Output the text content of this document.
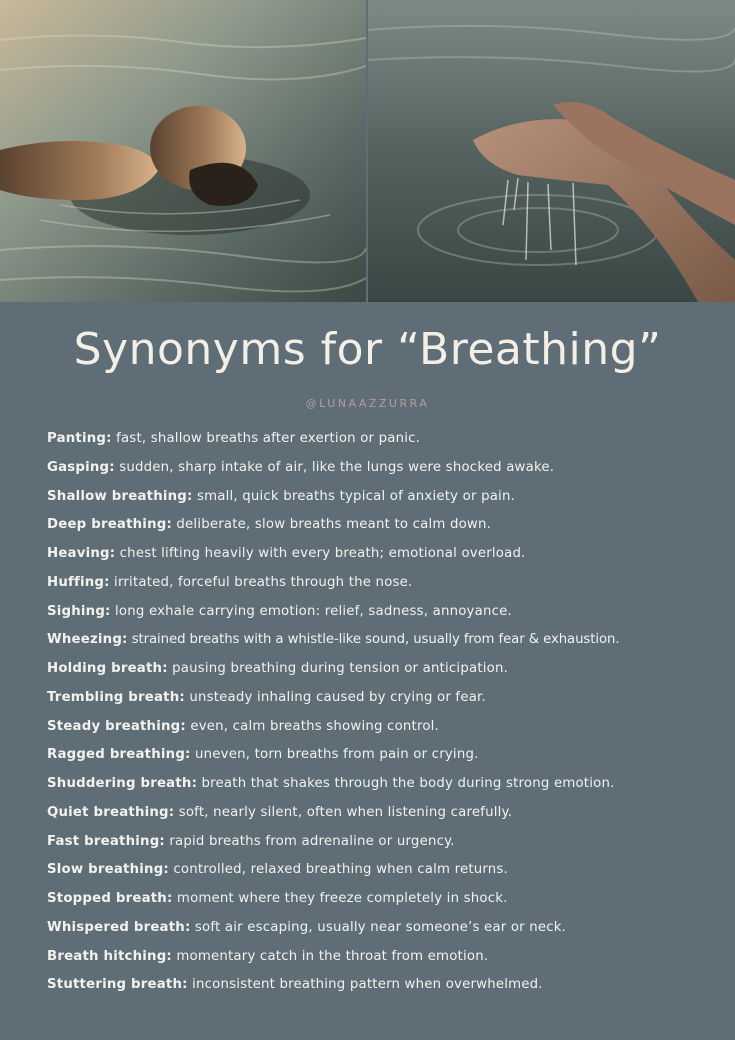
Synonyms for “Breathing”
@LUNAAZZURRA
Panting: fast, shallow breaths after exertion or panic.
Gasping: sudden, sharp intake of air, like the lungs were shocked awake.
Shallow breathing: small, quick breaths typical of anxiety or pain.
Deep breathing: deliberate, slow breaths meant to calm down.
Heaving: chest lifting heavily with every breath; emotional overload.
Huffing: irritated, forceful breaths through the nose.
Sighing: long exhale carrying emotion: relief, sadness, annoyance.
Wheezing: strained breaths with a whistle-like sound, usually from fear & exhaustion.
Holding breath: pausing breathing during tension or anticipation.
Trembling breath: unsteady inhaling caused by crying or fear.
Steady breathing: even, calm breaths showing control.
Ragged breathing: uneven, torn breaths from pain or crying.
Shuddering breath: breath that shakes through the body during strong emotion.
Quiet breathing: soft, nearly silent, often when listening carefully.
Fast breathing: rapid breaths from adrenaline or urgency.
Slow breathing: controlled, relaxed breathing when calm returns.
Stopped breath: moment where they freeze completely in shock.
Whispered breath: soft air escaping, usually near someone’s ear or neck.
Breath hitching: momentary catch in the throat from emotion.
Stuttering breath: inconsistent breathing pattern when overwhelmed.
